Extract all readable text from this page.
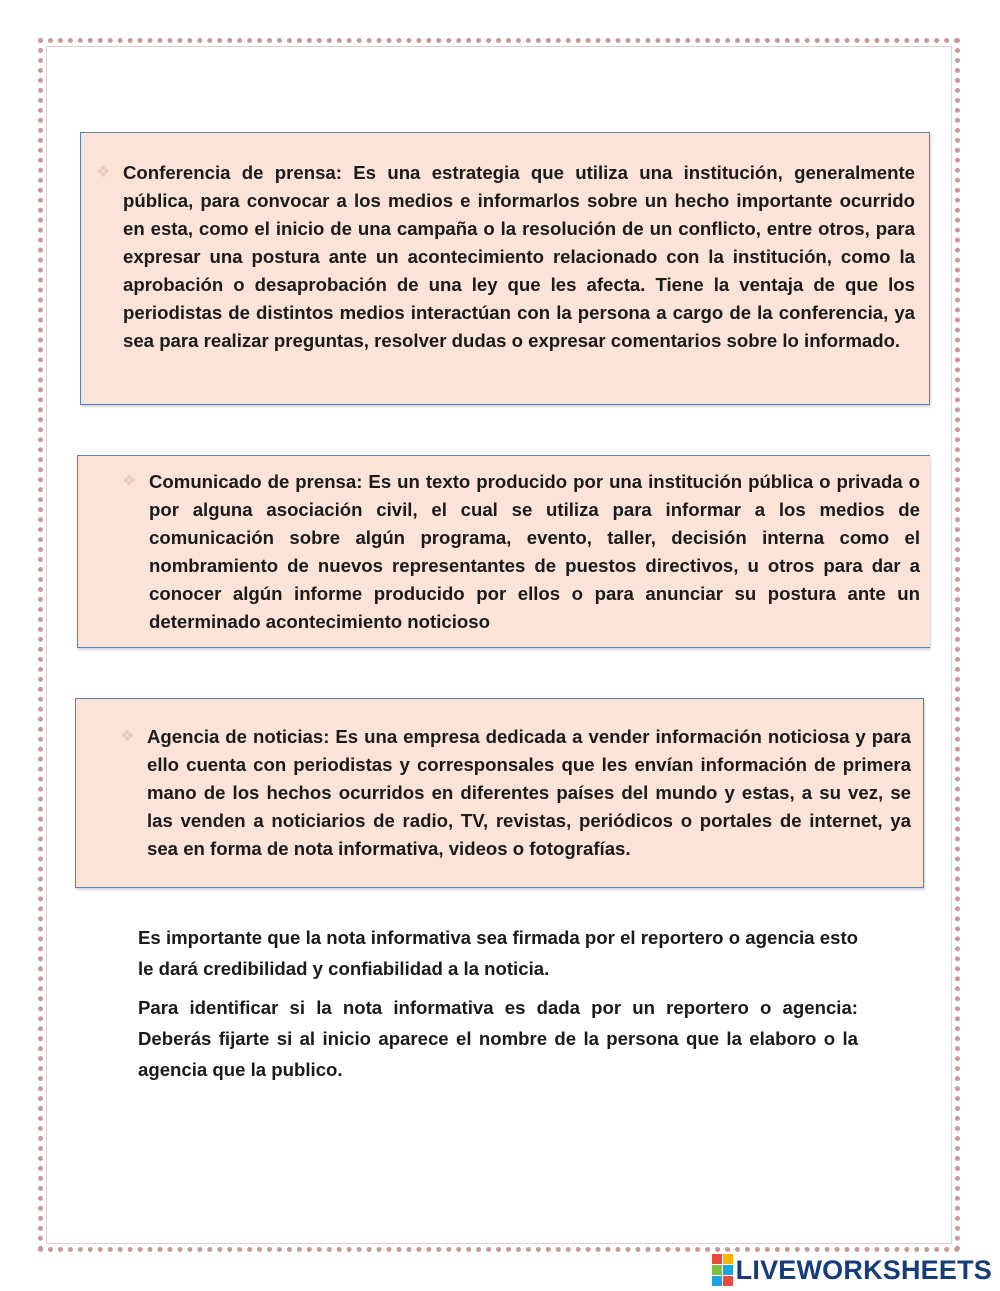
❖ Conferencia de prensa: Es una estrategia que utiliza una institución, generalmente pública, para convocar a los medios e informarlos sobre un hecho importante ocurrido en esta, como el inicio de una campaña o la resolución de un conflicto, entre otros, para expresar una postura ante un acontecimiento relacionado con la institución, como la aprobación o desaprobación de una ley que les afecta. Tiene la ventaja de que los periodistas de distintos medios interactúan con la persona a cargo de la conferencia, ya sea para realizar preguntas, resolver dudas o expresar comentarios sobre lo informado.

❖ Comunicado de prensa: Es un texto producido por una institución pública o privada o por alguna asociación civil, el cual se utiliza para informar a los medios de comunicación sobre algún programa, evento, taller, decisión interna como el nombramiento de nuevos representantes de puestos directivos, u otros para dar a conocer algún informe producido por ellos o para anunciar su postura ante un determinado acontecimiento noticioso

❖ Agencia de noticias: Es una empresa dedicada a vender información noticiosa y para ello cuenta con periodistas y corresponsales que les envían información de primera mano de los hechos ocurridos en diferentes países del mundo y estas, a su vez, se las venden a noticiarios de radio, TV, revistas, periódicos o portales de internet, ya sea en forma de nota informativa, videos o fotografías.

Es importante que la nota informativa sea firmada por el reportero o agencia esto le dará credibilidad y confiabilidad a la noticia.

Para identificar si la nota informativa es dada por un reportero o agencia: Deberás fijarte si al inicio aparece el nombre de la persona que la elaboro o la agencia que la publico.

LIVEWORKSHEETS
